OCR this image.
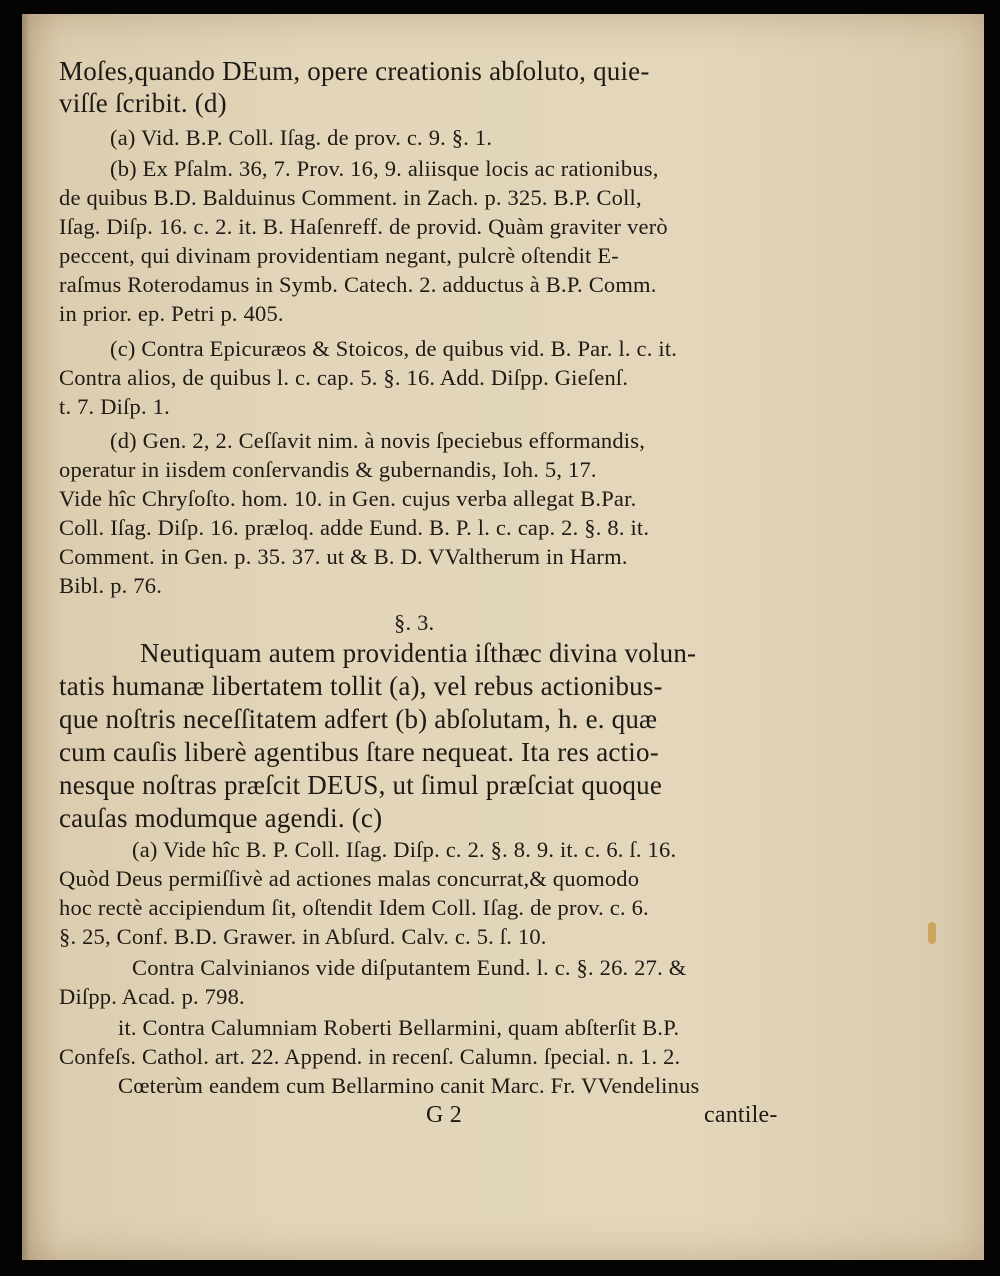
Moſes,quando DEum, opere creationis abſoluto, quie-

viſſe ſcribit. (d)

(a) Vid. B.P. Coll. Iſag. de prov. c. 9. §. 1.

(b) Ex Pſalm. 36, 7. Prov. 16, 9. aliisque locis ac rationibus,

de quibus B.D. Balduinus Comment. in Zach. p. 325. B.P. Coll,

Iſag. Diſp. 16. c. 2. it. B. Haſenreff. de provid. Quàm graviter verò

peccent, qui divinam providentiam negant, pulcrè oſtendit E-

raſmus Roterodamus in Symb. Catech. 2. adductus à B.P. Comm.

in prior. ep. Petri p. 405.

(c) Contra Epicuræos & Stoicos, de quibus vid. B. Par. l. c. it.

Contra alios, de quibus l. c. cap. 5. §. 16. Add. Diſpp. Gieſenſ.

t. 7. Diſp. 1.

(d) Gen. 2, 2. Ceſſavit nim. à novis ſpeciebus efformandis,

operatur in iisdem conſervandis & gubernandis, Ioh. 5, 17.

Vide hîc Chryſoſto. hom. 10. in Gen. cujus verba allegat B.Par.

Coll. Iſag. Diſp. 16. præloq. adde Eund. B. P. l. c. cap. 2. §. 8. it.

Comment. in Gen. p. 35. 37. ut & B. D. VValtherum in Harm.

Bibl. p. 76.

§. 3.

Neutiquam autem providentia iſthæc divina volun-

tatis humanæ libertatem tollit (a), vel rebus actionibus-

que noſtris neceſſitatem adfert (b) abſolutam, h. e. quæ

cum cauſis liberè agentibus ſtare nequeat. Ita res actio-

nesque noſtras præſcit DEUS, ut ſimul præſciat quoque

cauſas modumque agendi. (c)

(a) Vide hîc B. P. Coll. Iſag. Diſp. c. 2. §. 8. 9. it. c. 6. ſ. 16.

Quòd Deus permiſſivè ad actiones malas concurrat,& quomodo

hoc rectè accipiendum ſit, oſtendit Idem Coll. Iſag. de prov. c. 6.

§. 25, Conf. B.D. Grawer. in Abſurd. Calv. c. 5. ſ. 10.

Contra Calvinianos vide diſputantem Eund. l. c. §. 26. 27. &

Diſpp. Acad. p. 798.

it. Contra Calumniam Roberti Bellarmini, quam abſterſit B.P.

Confeſs. Cathol. art. 22. Append. in recenſ. Calumn. ſpecial. n. 1. 2.

Cœterùm eandem cum Bellarmino canit Marc. Fr. VVendelinus

G 2	cantile-
